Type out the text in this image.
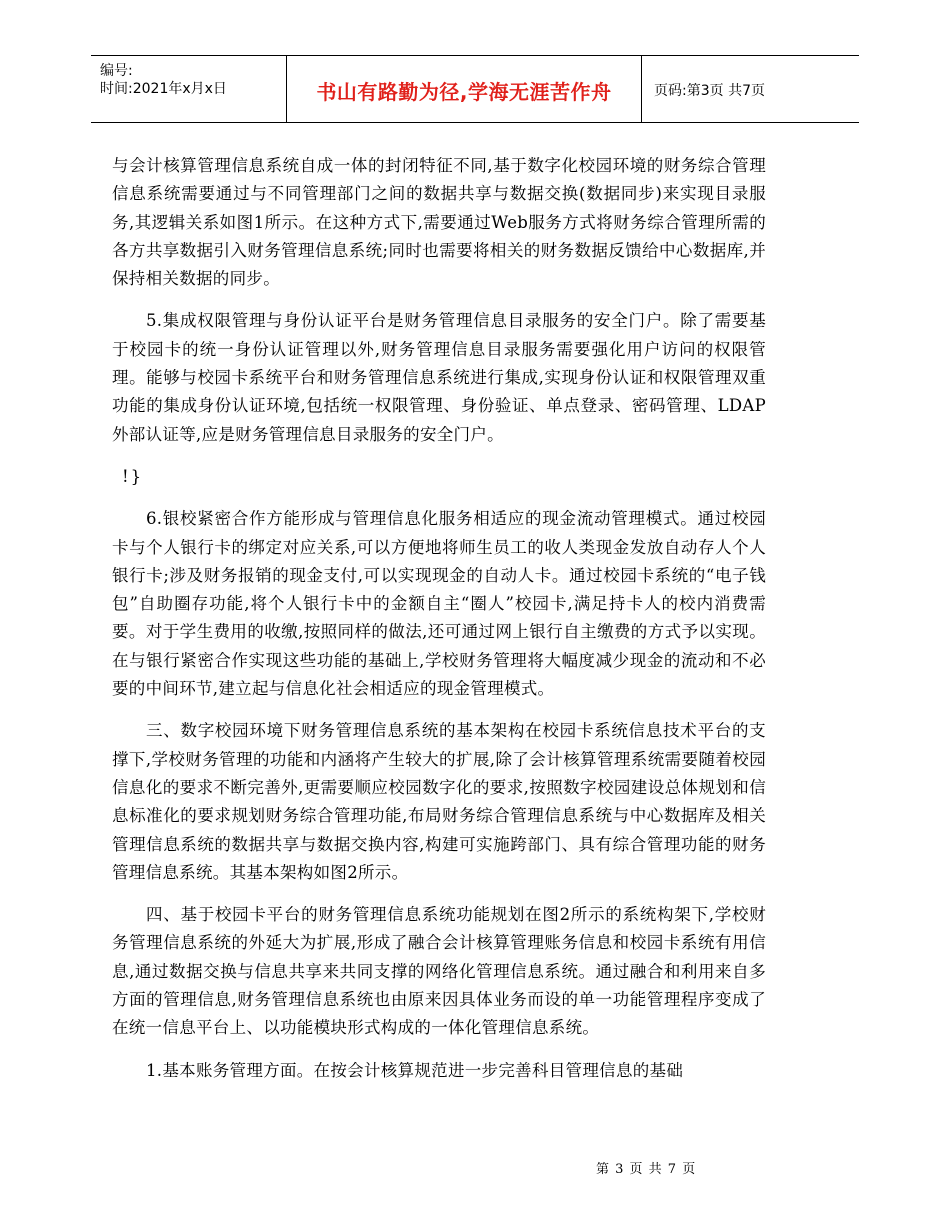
编号:
时间:2021年x月x日	书山有路勤为径,学海无涯苦作舟	页码:第3页 共7页

与会计核算管理信息系统自成一体的封闭特征不同,基于数字化校园环境的财务综合管理信息系统需要通过与不同管理部门之间的数据共享与数据交换(数据同步)来实现目录服务,其逻辑关系如图1所示。在这种方式下,需要通过Web服务方式将财务综合管理所需的各方共享数据引入财务管理信息系统;同时也需要将相关的财务数据反馈给中心数据库,并保持相关数据的同步。

5.集成权限管理与身份认证平台是财务管理信息目录服务的安全门户。除了需要基于校园卡的统一身份认证管理以外,财务管理信息目录服务需要强化用户访问的权限管理。能够与校园卡系统平台和财务管理信息系统进行集成,实现身份认证和权限管理双重功能的集成身份认证环境,包括统一权限管理、身份验证、单点登录、密码管理、LDAP外部认证等,应是财务管理信息目录服务的安全门户。

!}

6.银校紧密合作方能形成与管理信息化服务相适应的现金流动管理模式。通过校园卡与个人银行卡的绑定对应关系,可以方便地将师生员工的收人类现金发放自动存人个人银行卡;涉及财务报销的现金支付,可以实现现金的自动人卡。通过校园卡系统的“电子钱包”自助圈存功能,将个人银行卡中的金额自主“圈人”校园卡,满足持卡人的校内消费需要。对于学生费用的收缴,按照同样的做法,还可通过网上银行自主缴费的方式予以实现。在与银行紧密合作实现这些功能的基础上,学校财务管理将大幅度减少现金的流动和不必要的中间环节,建立起与信息化社会相适应的现金管理模式。

三、数字校园环境下财务管理信息系统的基本架构在校园卡系统信息技术平台的支撑下,学校财务管理的功能和内涵将产生较大的扩展,除了会计核算管理系统需要随着校园信息化的要求不断完善外,更需要顺应校园数字化的要求,按照数字校园建设总体规划和信息标准化的要求规划财务综合管理功能,布局财务综合管理信息系统与中心数据库及相关管理信息系统的数据共享与数据交换内容,构建可实施跨部门、具有综合管理功能的财务管理信息系统。其基本架构如图2所示。

四、基于校园卡平台的财务管理信息系统功能规划在图2所示的系统构架下,学校财务管理信息系统的外延大为扩展,形成了融合会计核算管理账务信息和校园卡系统有用信息,通过数据交换与信息共享来共同支撑的网络化管理信息系统。通过融合和利用来自多方面的管理信息,财务管理信息系统也由原来因具体业务而设的单一功能管理程序变成了在统一信息平台上、以功能模块形式构成的一体化管理信息系统。

1.基本账务管理方面。在按会计核算规范进一步完善科目管理信息的基础

第 3 页 共 7 页
